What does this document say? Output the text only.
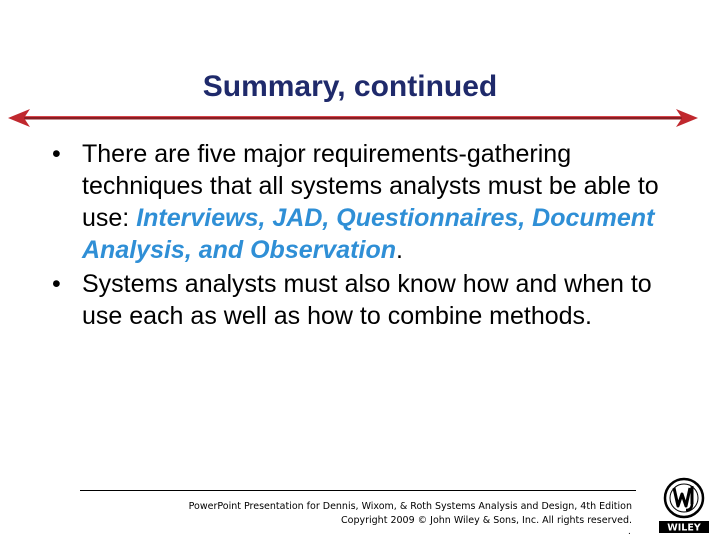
Summary, continued

• There are five major requirements-gathering techniques that all systems analysts must be able to use: Interviews, JAD, Questionnaires, Document Analysis, and Observation.

• Systems analysts must also know how and when to use each as well as how to combine methods.

PowerPoint Presentation for Dennis, Wixom, & Roth Systems Analysis and Design, 4th Edition
Copyright 2009 © John Wiley & Sons, Inc. All rights reserved.
.	WILEY
